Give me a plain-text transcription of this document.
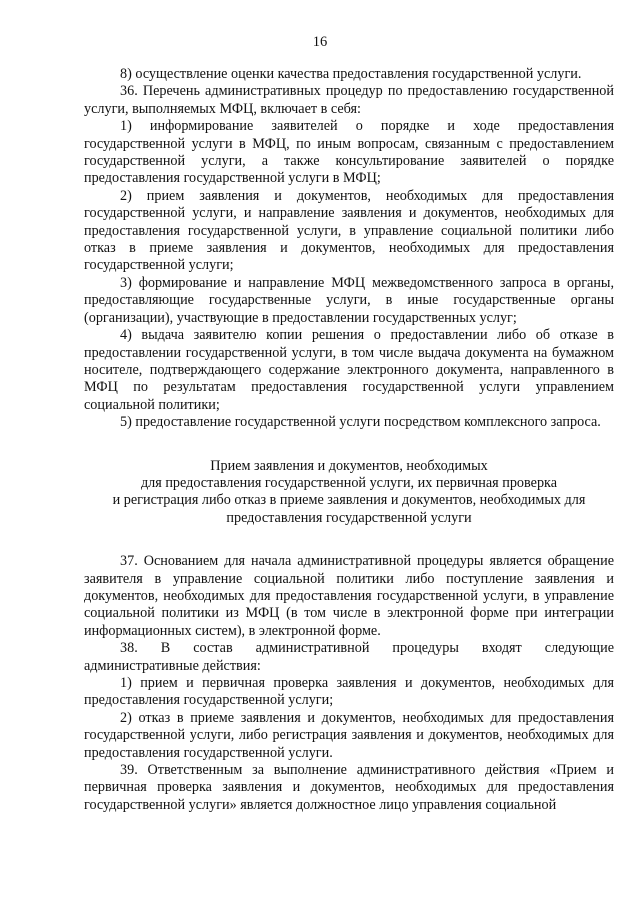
16

8) осуществление оценки качества предоставления государственной услуги.

36. Перечень административных процедур по предоставлению государственной услуги, выполняемых МФЦ, включает в себя:

1) информирование заявителей о порядке и ходе предоставления государственной услуги в МФЦ, по иным вопросам, связанным с предоставлением государственной услуги, а также консультирование заявителей о порядке предоставления государственной услуги в МФЦ;

2) прием заявления и документов, необходимых для предоставления государственной услуги, и направление заявления и документов, необходимых для предоставления государственной услуги, в управление социальной политики либо отказ в приеме заявления и документов, необходимых для предоставления государственной услуги;

3) формирование и направление МФЦ межведомственного запроса в органы, предоставляющие государственные услуги, в иные государственные органы (организации), участвующие в предоставлении государственных услуг;

4) выдача заявителю копии решения о предоставлении либо об отказе в предоставлении государственной услуги, в том числе выдача документа на бумажном носителе, подтверждающего содержание электронного документа, направленного в МФЦ по результатам предоставления государственной услуги управлением социальной политики;

5) предоставление государственной услуги посредством комплексного запроса.

Прием заявления и документов, необходимых
для предоставления государственной услуги, их первичная проверка
и регистрация либо отказ в приеме заявления и документов, необходимых для
предоставления государственной услуги

37. Основанием для начала административной процедуры является обращение заявителя в управление социальной политики либо поступление заявления и документов, необходимых для предоставления государственной услуги, в управление социальной политики из МФЦ (в том числе в электронной форме при интеграции информационных систем), в электронной форме.

38. В состав административной процедуры входят следующие административные действия:

1) прием и первичная проверка заявления и документов, необходимых для предоставления государственной услуги;

2) отказ в приеме заявления и документов, необходимых для предоставления государственной услуги, либо регистрация заявления и документов, необходимых для предоставления государственной услуги.

39. Ответственным за выполнение административного действия «Прием и первичная проверка заявления и документов, необходимых для предоставления государственной услуги» является должностное лицо управления социальной
